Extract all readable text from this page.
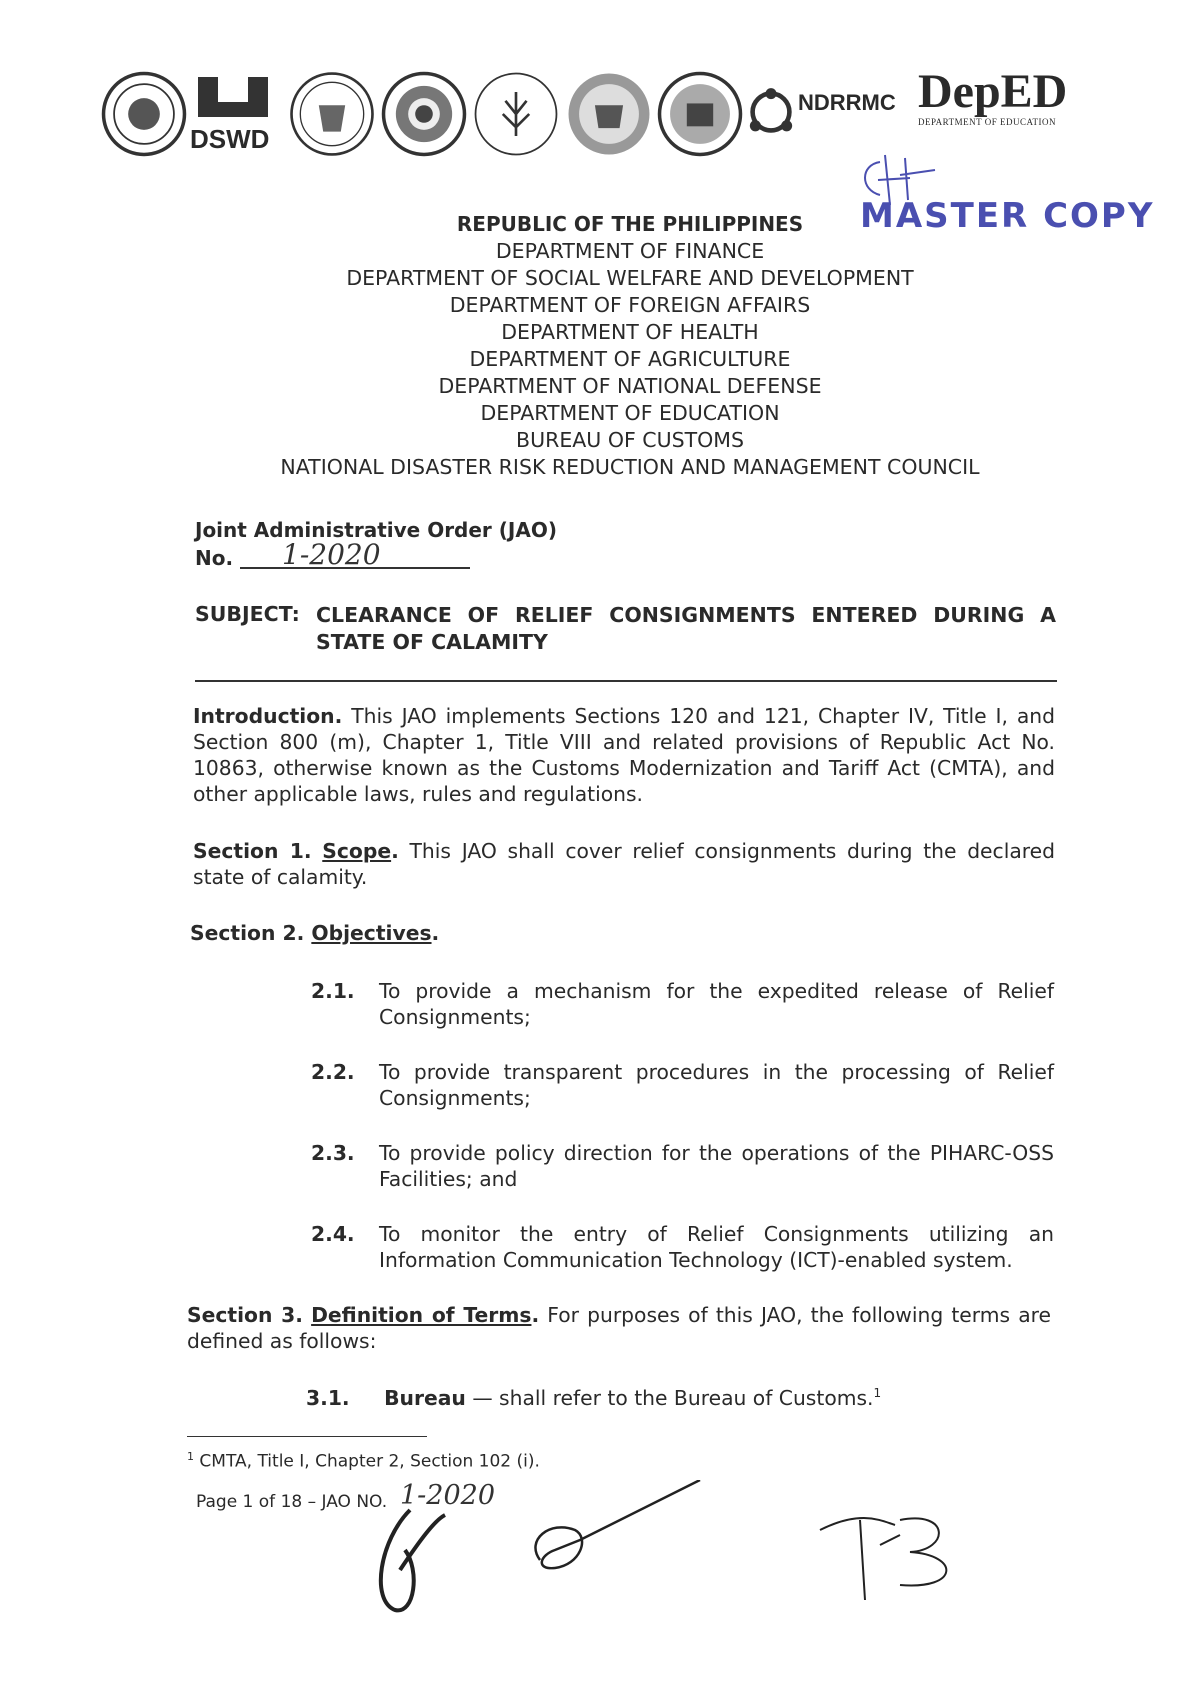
DSWD
NDRRMC DepED
DEPARTMENT OF EDUCATION
MASTER COPY
REPUBLIC OF THE PHILIPPINES
DEPARTMENT OF FINANCE
DEPARTMENT OF SOCIAL WELFARE AND DEVELOPMENT
DEPARTMENT OF FOREIGN AFFAIRS
DEPARTMENT OF HEALTH
DEPARTMENT OF AGRICULTURE
DEPARTMENT OF NATIONAL DEFENSE
DEPARTMENT OF EDUCATION
BUREAU OF CUSTOMS
NATIONAL DISASTER RISK REDUCTION AND MANAGEMENT COUNCIL
Joint Administrative Order (JAO)
No. 1-2020
SUBJECT: CLEARANCE OF RELIEF CONSIGNMENTS ENTERED DURING A STATE OF CALAMITY
Introduction. This JAO implements Sections 120 and 121, Chapter IV, Title I, and Section 800 (m), Chapter 1, Title VIII and related provisions of Republic Act No. 10863, otherwise known as the Customs Modernization and Tariff Act (CMTA), and other applicable laws, rules and regulations.
Section 1. Scope. This JAO shall cover relief consignments during the declared state of calamity.
Section 2. Objectives.
2.1. To provide a mechanism for the expedited release of Relief Consignments;
2.2. To provide transparent procedures in the processing of Relief Consignments;
2.3. To provide policy direction for the operations of the PIHARC-OSS Facilities; and
2.4. To monitor the entry of Relief Consignments utilizing an Information Communication Technology (ICT)-enabled system.
Section 3. Definition of Terms. For purposes of this JAO, the following terms are defined as follows:
3.1. Bureau — shall refer to the Bureau of Customs.$^1$
$^1$ CMTA, Title I, Chapter 2, Section 102 (i).
Page 1 of 18 – JAO NO. 1-2020
